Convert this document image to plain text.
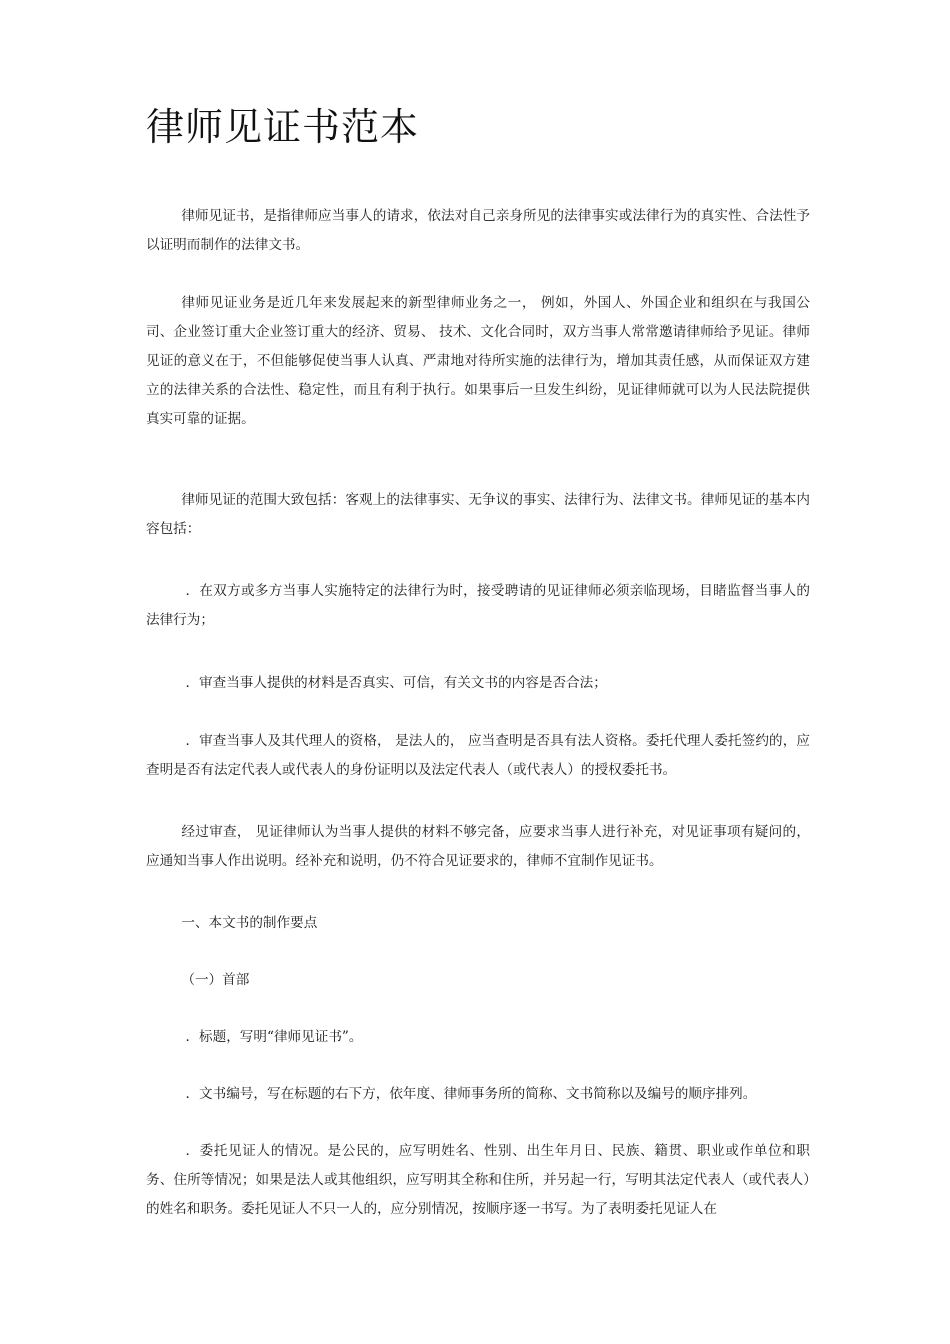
律师见证书范本

律师见证书，是指律师应当事人的请求，依法对自己亲身所见的法律事实或法律行为的真实性、合法性予以证明而制作的法律文书。

律师见证业务是近几年来发展起来的新型律师业务之一， 例如，外国人、外国企业和组织在与我国公司、企业签订重大企业签订重大的经济、贸易、 技术、文化合同时，双方当事人常常邀请律师给予见证。律师见证的意义在于，不但能够促使当事人认真、严肃地对待所实施的法律行为，增加其责任感，从而保证双方建立的法律关系的合法性、稳定性，而且有利于执行。如果事后一旦发生纠纷，见证律师就可以为人民法院提供真实可靠的证据。

律师见证的范围大致包括：客观上的法律事实、无争议的事实、法律行为、法律文书。律师见证的基本内容包括：

．在双方或多方当事人实施特定的法律行为时，接受聘请的见证律师必须亲临现场，目睹监督当事人的法律行为；

．审查当事人提供的材料是否真实、可信，有关文书的内容是否合法；

．审查当事人及其代理人的资格， 是法人的， 应当查明是否具有法人资格。委托代理人委托签约的，应查明是否有法定代表人或代表人的身份证明以及法定代表人（或代表人）的授权委托书。

经过审查， 见证律师认为当事人提供的材料不够完备，应要求当事人进行补充，对见证事项有疑问的，应通知当事人作出说明。经补充和说明，仍不符合见证要求的，律师不宜制作见证书。

一、本文书的制作要点

（一）首部

．标题，写明“律师见证书”。

．文书编号，写在标题的右下方，依年度、律师事务所的简称、文书简称以及编号的顺序排列。

．委托见证人的情况。是公民的，应写明姓名、性别、出生年月日、民族、籍贯、职业或作单位和职务、住所等情况；如果是法人或其他组织，应写明其全称和住所，并另起一行，写明其法定代表人（或代表人）的姓名和职务。委托见证人不只一人的，应分别情况，按顺序逐一书写。为了表明委托见证人在
